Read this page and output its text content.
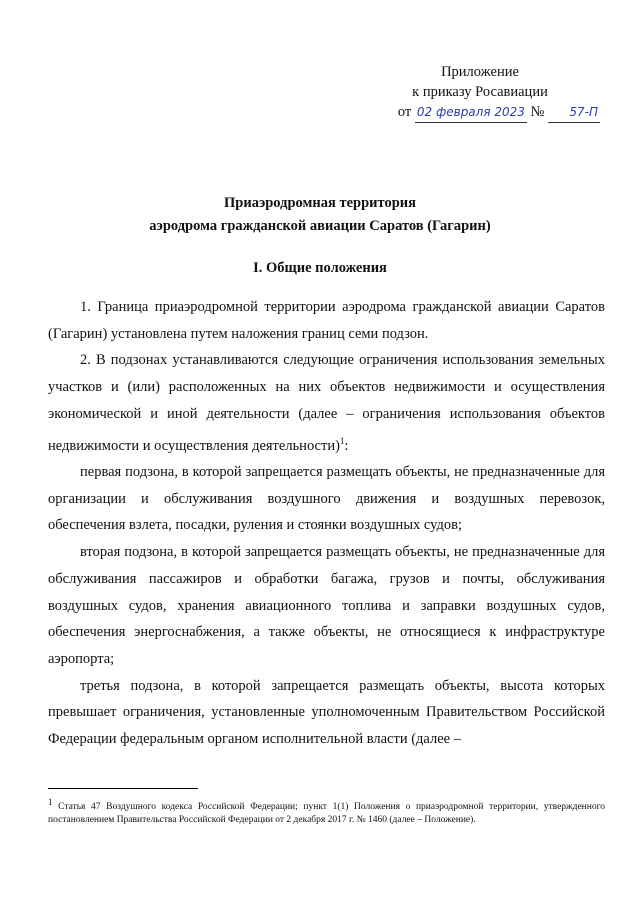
Приложение
к приказу Росавиации
от 02 февраля 2023 № 57-П
Приаэродромная территория
аэродрома гражданской авиации Саратов (Гагарин)
I. Общие положения

1. Граница приаэродромной территории аэродрома гражданской авиации Саратов (Гагарин) установлена путем наложения границ семи подзон.

2. В подзонах устанавливаются следующие ограничения использования земельных участков и (или) расположенных на них объектов недвижимости и осуществления экономической и иной деятельности (далее – ограничения использования объектов недвижимости и осуществления деятельности)$^1$:

первая подзона, в которой запрещается размещать объекты, не предназначенные для организации и обслуживания воздушного движения и воздушных перевозок, обеспечения взлета, посадки, руления и стоянки воздушных судов;

вторая подзона, в которой запрещается размещать объекты, не предназначенные для обслуживания пассажиров и обработки багажа, грузов и почты, обслуживания воздушных судов, хранения авиационного топлива и заправки воздушных судов, обеспечения энергоснабжения, а также объекты, не относящиеся к инфраструктуре аэропорта;

третья подзона, в которой запрещается размещать объекты, высота которых превышает ограничения, установленные уполномоченным Правительством Российской Федерации федеральным органом исполнительной власти (далее –

$^1$ Статья 47 Воздушного кодекса Российской Федерации; пункт 1(1) Положения о приаэродромной территории, утвержденного постановлением Правительства Российской Федерации от 2 декабря 2017 г. № 1460 (далее – Положение).
